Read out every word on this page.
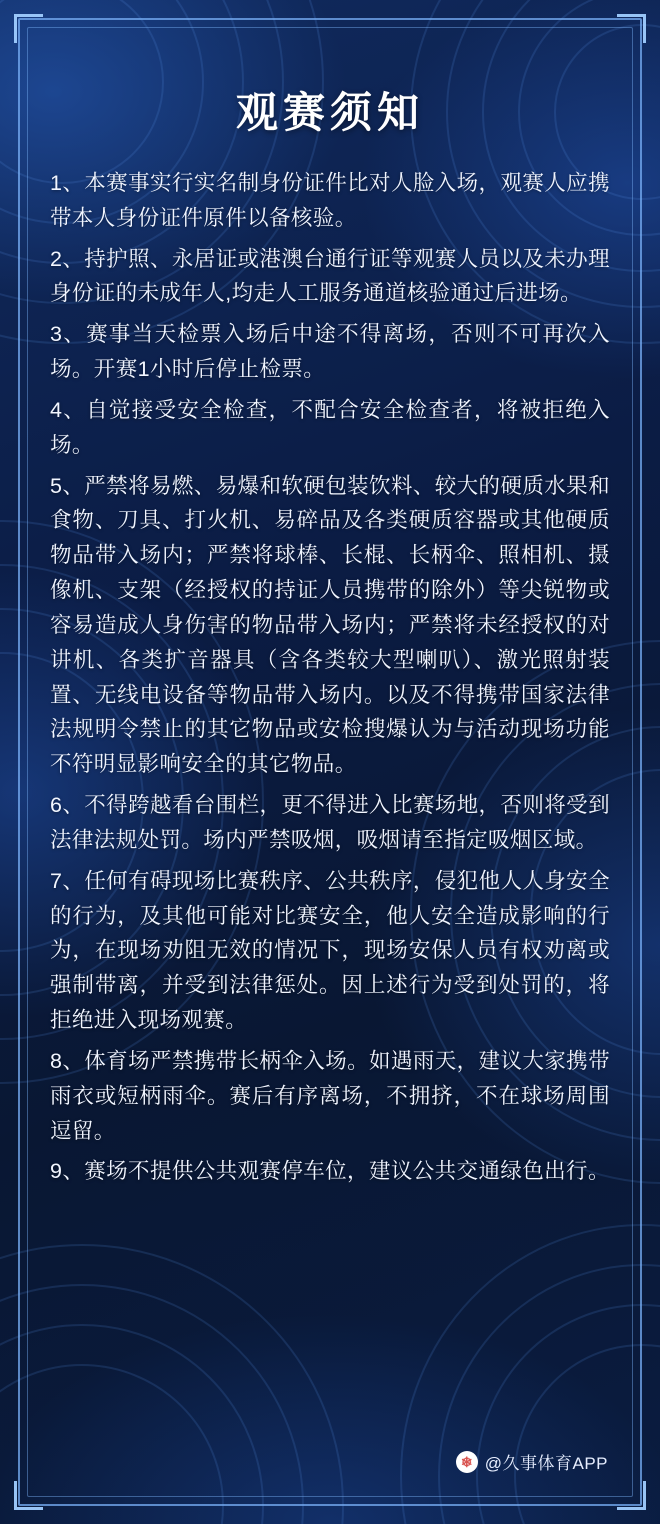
观赛须知

1、本赛事实行实名制身份证件比对人脸入场，观赛人应携带本人身份证件原件以备核验。

2、持护照、永居证或港澳台通行证等观赛人员以及未办理身份证的未成年人,均走人工服务通道核验通过后进场。

3、赛事当天检票入场后中途不得离场，否则不可再次入场。开赛1小时后停止检票。

4、自觉接受安全检查，不配合安全检查者，将被拒绝入场。

5、严禁将易燃、易爆和软硬包装饮料、较大的硬质水果和食物、刀具、打火机、易碎品及各类硬质容器或其他硬质物品带入场内；严禁将球棒、长棍、长柄伞、照相机、摄像机、支架（经授权的持证人员携带的除外）等尖锐物或容易造成人身伤害的物品带入场内；严禁将未经授权的对讲机、各类扩音器具（含各类较大型喇叭）、激光照射装置、无线电设备等物品带入场内。以及不得携带国家法律法规明令禁止的其它物品或安检搜爆认为与活动现场功能不符明显影响安全的其它物品。

6、不得跨越看台围栏，更不得进入比赛场地，否则将受到法律法规处罚。场内严禁吸烟，吸烟请至指定吸烟区域。

7、任何有碍现场比赛秩序、公共秩序，侵犯他人人身安全的行为，及其他可能对比赛安全，他人安全造成影响的行为，在现场劝阻无效的情况下，现场安保人员有权劝离或强制带离，并受到法律惩处。因上述行为受到处罚的，将拒绝进入现场观赛。

8、体育场严禁携带长柄伞入场。如遇雨天，建议大家携带雨衣或短柄雨伞。赛后有序离场，不拥挤，不在球场周围逗留。

9、赛场不提供公共观赛停车位，建议公共交通绿色出行。

❄ @久事体育APP
